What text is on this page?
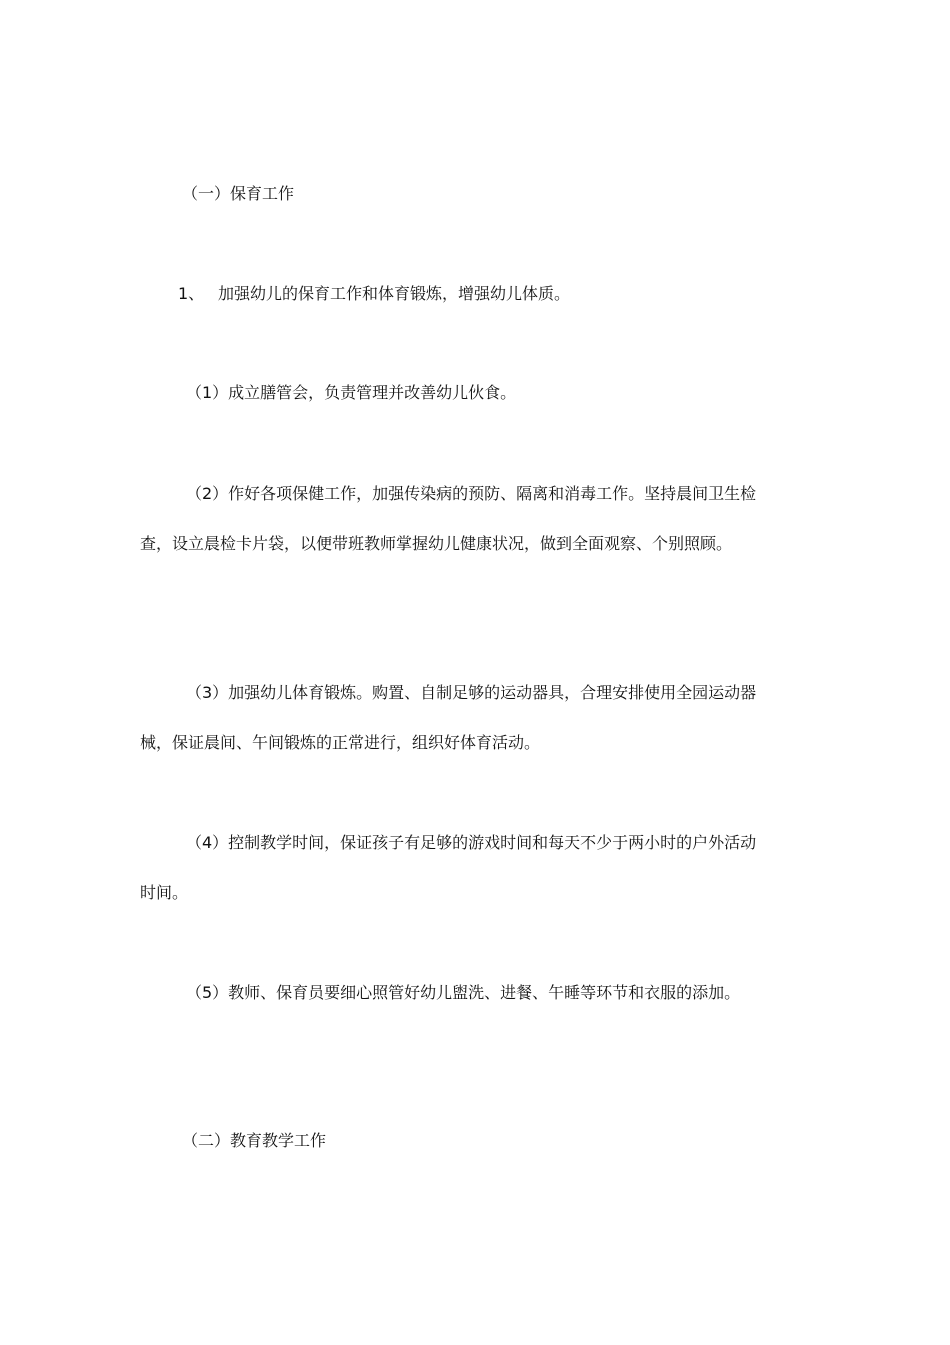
（一）保育工作

1、 加强幼儿的保育工作和体育锻炼，增强幼儿体质。

（1）成立膳管会，负责管理并改善幼儿伙食。

（2）作好各项保健工作，加强传染病的预防、隔离和消毒工作。坚持晨间卫生检查，设立晨检卡片袋，以便带班教师掌握幼儿健康状况，做到全面观察、个别照顾。

（3）加强幼儿体育锻炼。购置、自制足够的运动器具，合理安排使用全园运动器械，保证晨间、午间锻炼的正常进行，组织好体育活动。

（4）控制教学时间，保证孩子有足够的游戏时间和每天不少于两小时的户外活动时间。

（5）教师、保育员要细心照管好幼儿盥洗、进餐、午睡等环节和衣服的添加。

（二）教育教学工作
